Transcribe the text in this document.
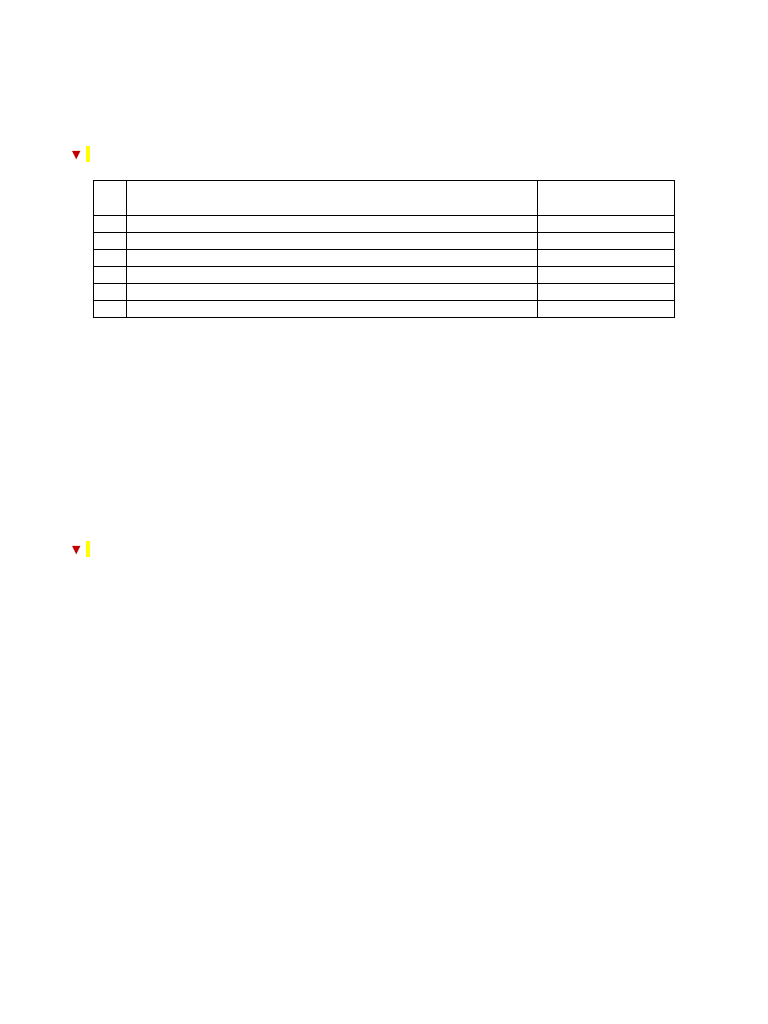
▼

▼
